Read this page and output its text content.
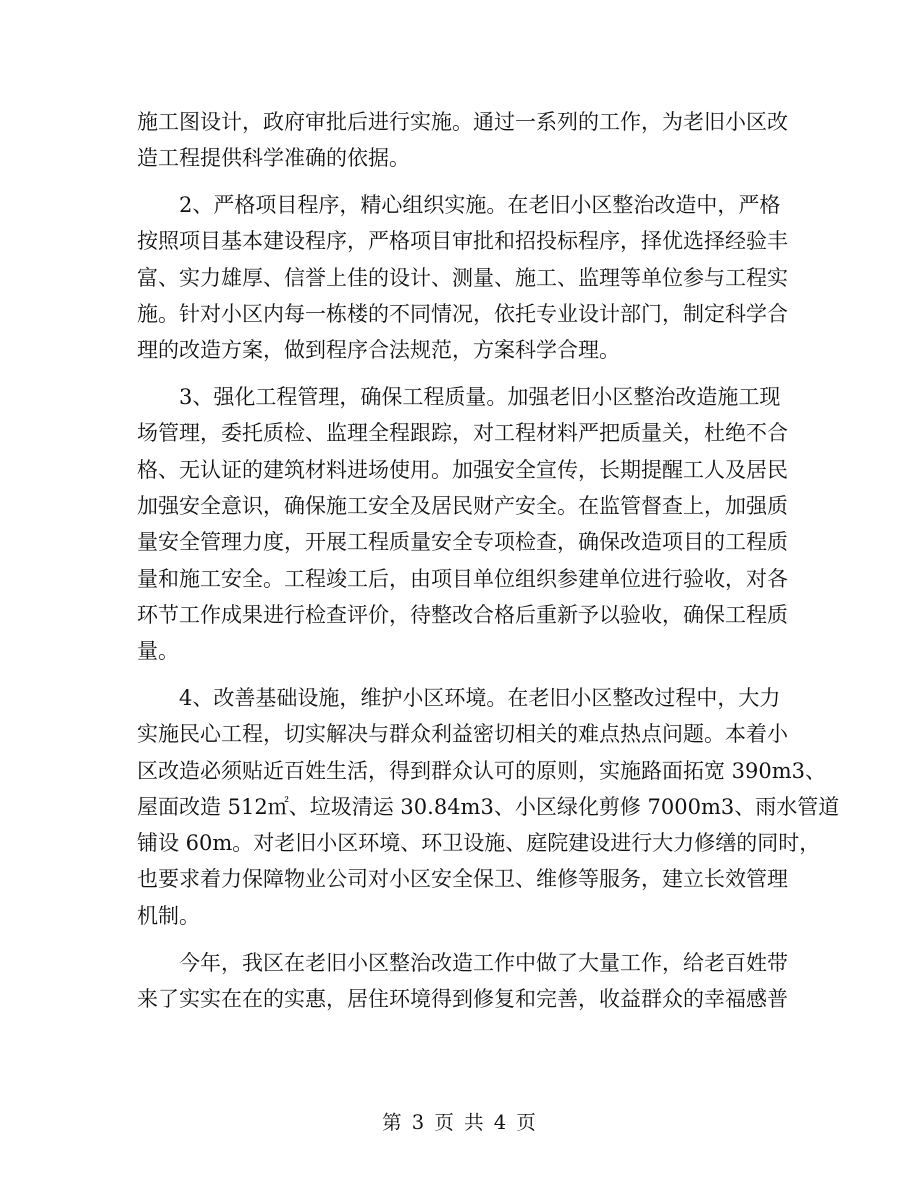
施工图设计，政府审批后进行实施。通过一系列的工作，为老旧小区改
造工程提供科学准确的依据。
　　2、严格项目程序，精心组织实施。在老旧小区整治改造中，严格
按照项目基本建设程序，严格项目审批和招投标程序，择优选择经验丰
富、实力雄厚、信誉上佳的设计、测量、施工、监理等单位参与工程实
施。针对小区内每一栋楼的不同情况，依托专业设计部门，制定科学合
理的改造方案，做到程序合法规范，方案科学合理。
　　3、强化工程管理，确保工程质量。加强老旧小区整治改造施工现
场管理，委托质检、监理全程跟踪，对工程材料严把质量关，杜绝不合
格、无认证的建筑材料进场使用。加强安全宣传，长期提醒工人及居民
加强安全意识，确保施工安全及居民财产安全。在监管督查上，加强质
量安全管理力度，开展工程质量安全专项检查，确保改造项目的工程质
量和施工安全。工程竣工后，由项目单位组织参建单位进行验收，对各
环节工作成果进行检查评价，待整改合格后重新予以验收，确保工程质
量。
　　4、改善基础设施，维护小区环境。在老旧小区整改过程中，大力
实施民心工程，切实解决与群众利益密切相关的难点热点问题。本着小
区改造必须贴近百姓生活，得到群众认可的原则，实施路面拓宽 390m3、
屋面改造 512㎡、垃圾清运 30.84m3、小区绿化剪修 7000m3、雨水管道
铺设 60m。对老旧小区环境、环卫设施、庭院建设进行大力修缮的同时，
也要求着力保障物业公司对小区安全保卫、维修等服务，建立长效管理
机制。
　　今年，我区在老旧小区整治改造工作中做了大量工作，给老百姓带
来了实实在在的实惠，居住环境得到修复和完善，收益群众的幸福感普
第 3 页 共 4 页
